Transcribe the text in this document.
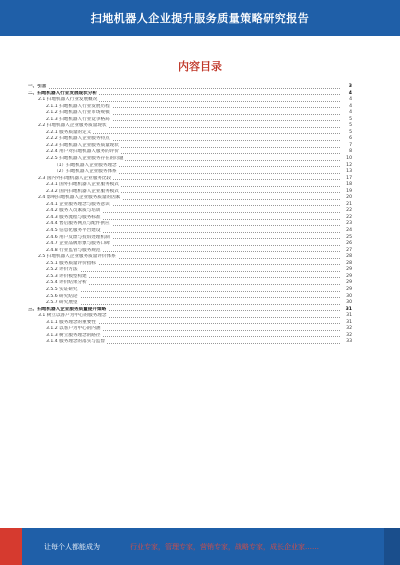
扫地机器人企业提升服务质量策略研究报告
内容目录
一、引言	3
二、扫地机器人行业发展现状分析	4
2.1 扫地机器人行业发展概况	4
2.1.1 扫地机器人行业发展历程	4
2.1.2 扫地机器人行业市场规模	4
2.1.3 扫地机器人行业竞争格局	5
2.2 扫地机器人企业服务质量现状	5
2.2.1 服务质量的定义	5
2.2.2 扫地机器人企业服务特点	6
2.2.3 扫地机器人企业服务质量现状	7
2.2.4 用户对扫地机器人服务的评价	8
2.2.5 扫地机器人企业服务存在的问题	10
（1）扫地机器人企业服务理念	12
（2）扫地机器人企业服务体系	13
2.3 国内外扫地机器人企业服务比较	17
2.3.1 国外扫地机器人企业服务模式	18
2.3.2 国内扫地机器人企业服务模式	19
2.4 影响扫地机器人企业服务质量的因素	20
2.4.1 企业服务理念与服务意识	21
2.4.2 服务人员素质与培训	22
2.4.3 服务流程与服务标准	22
2.4.4 售后服务网点与配件供应	23
2.4.5 信息化服务平台建设	24
2.4.6 用户反馈与投诉处理机制	25
2.4.7 企业品牌形象与服务口碑	26
2.4.8 行业监管与服务规范	27
2.5 扫地机器人企业服务质量评价体系	28
2.5.1 服务质量评价指标	28
2.5.2 评价方法	29
2.5.3 评价模型构建	29
2.5.4 评价结果分析	29
2.5.5 实证研究	29
2.5.6 研究结论	30
2.5.7 研究展望	30
三、扫地机器人企业服务质量提升策略	31
3.1 树立以客户为中心的服务理念	31
3.1.1 服务理念的重要性	31
3.1.2 以客户为中心的内涵	32
3.1.3 树立服务理念的路径	32
3.1.4 服务理念的落实与监督	33
让每个人都能成为	行业专家，管理专家，营销专家，战略专家，成长企业家……
